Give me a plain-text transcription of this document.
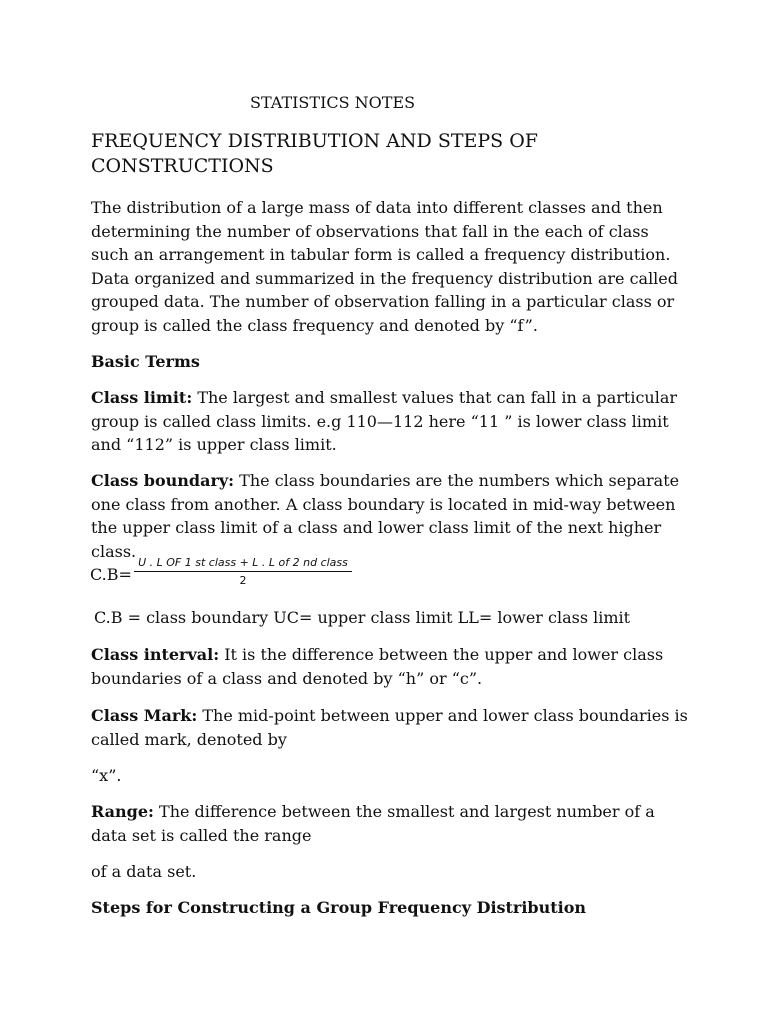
STATISTICS NOTES
FREQUENCY DISTRIBUTION AND STEPS OF CONSTRUCTIONS

The distribution of a large mass of data into different classes and then determining the number of observations that fall in the each of class such an arrangement in tabular form is called a frequency distribution. Data organized and summarized in the frequency distribution are called grouped data. The number of observation falling in a particular class or group is called the class frequency and denoted by “f”.

Basic Terms

Class limit: The largest and smallest values that can fall in a particular group is called class limits. e.g 110—112 here “11 ” is lower class limit and “112” is upper class limit.

Class boundary: The class boundaries are the numbers which separate one class from another. A class boundary is located in mid-way between the upper class limit of a class and lower class limit of the next higher class.

C.B=
U . L OF 1 st class + L . L of 2 nd class
2

C.B = class boundary UC= upper class limit LL= lower class limit

Class interval: It is the difference between the upper and lower class boundaries of a class and denoted by “h” or “c”.

Class Mark: The mid-point between upper and lower class boundaries is called mark, denoted by

“x”.

Range: The difference between the smallest and largest number of a data set is called the range

of a data set.

Steps for Constructing a Group Frequency Distribution
